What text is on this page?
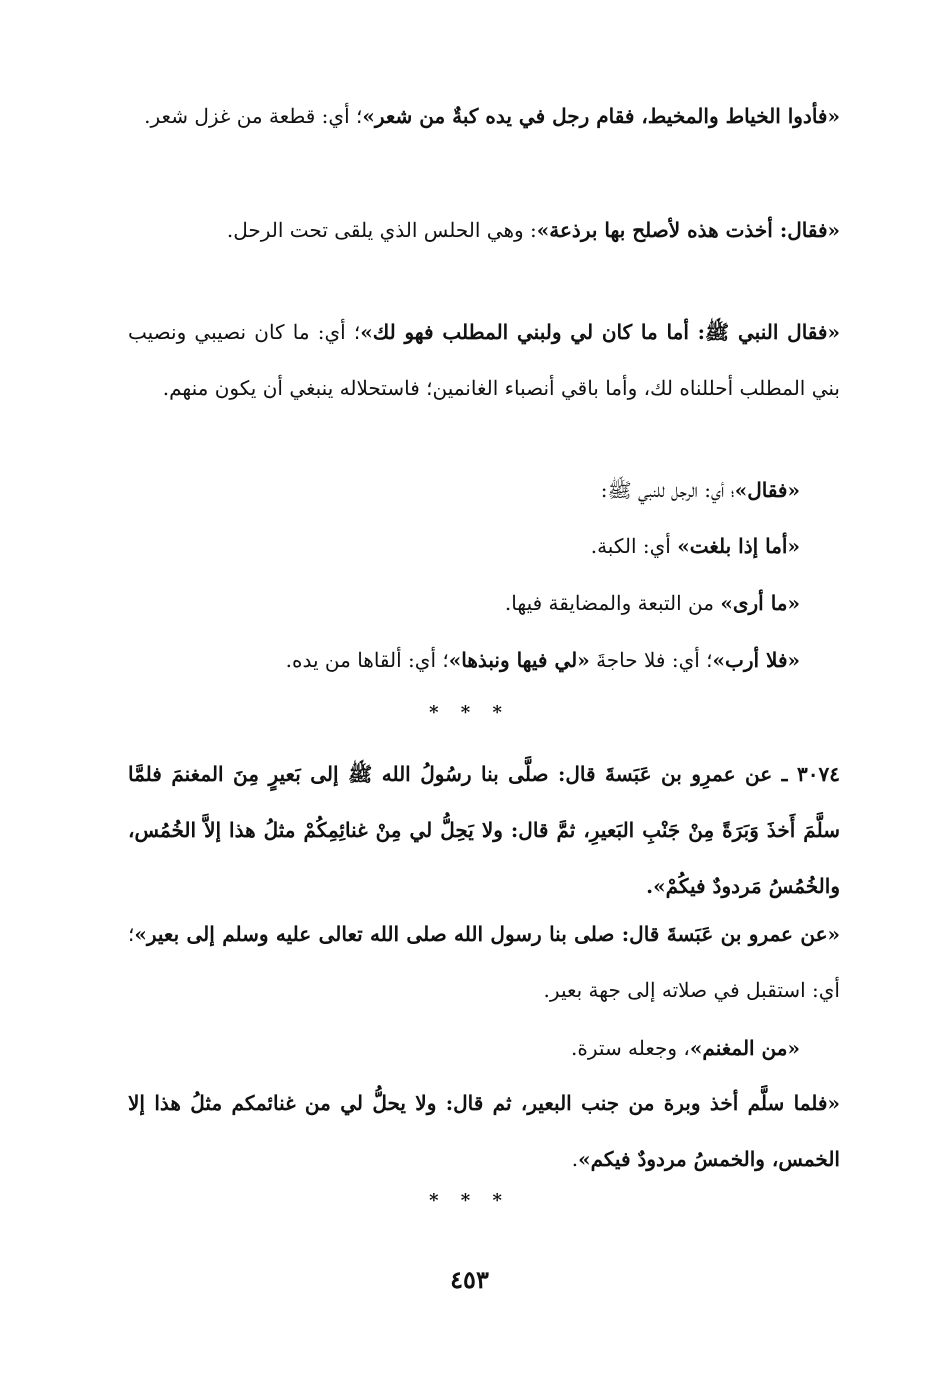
«فأدوا الخياط والمخيط، فقام رجل في يده كبةٌ من شعر»؛ أي: قطعة من غزل شعر.
«فقال: أخذت هذه لأصلح بها برذعة»: وهي الحلس الذي يلقى تحت الرحل.
«فقال النبي ﷺ: أما ما كان لي ولبني المطلب فهو لك»؛ أي: ما كان نصيبي ونصيب بني المطلب أحللناه لك، وأما باقي أنصباء الغانمين؛ فاستحلاله ينبغي أن يكون منهم.
«فقال»؛ أي: الرجل للنبي ﷺ:
«أما إذا بلغت» أي: الكبة.
«ما أرى» من التبعة والمضايقة فيها.
«فلا أرب»؛ أي: فلا حاجةَ «لي فيها ونبذها»؛ أي: ألقاها من يده.
* * *
٣٠٧٤ ـ عن عمرِو بن عَبَسةَ قال: صلَّى بنا رسُولُ الله ﷺ إلى بَعيرٍ مِنَ المغنمَ فلمَّا سلَّمَ أَخذَ وَبَرَةً مِنْ جَنْبِ البَعيرِ، ثمَّ قال: ولا يَحِلُّ لي مِنْ غنائِمِكُمْ مثلُ هذا إلاَّ الخُمُس، والخُمُسُ مَردودٌ فيكُمْ».
«عن عمرو بن عَبَسةَ قال: صلى بنا رسول الله صلى الله تعالى عليه وسلم إلى بعير»؛ أي: استقبل في صلاته إلى جهة بعير.
«من المغنم»، وجعله سترة.
«فلما سلَّم أخذ وبرة من جنب البعير، ثم قال: ولا يحلُّ لي من غنائمكم مثلُ هذا إلا الخمس، والخمسُ مردودٌ فيكم».
* * *
٤٥٣
